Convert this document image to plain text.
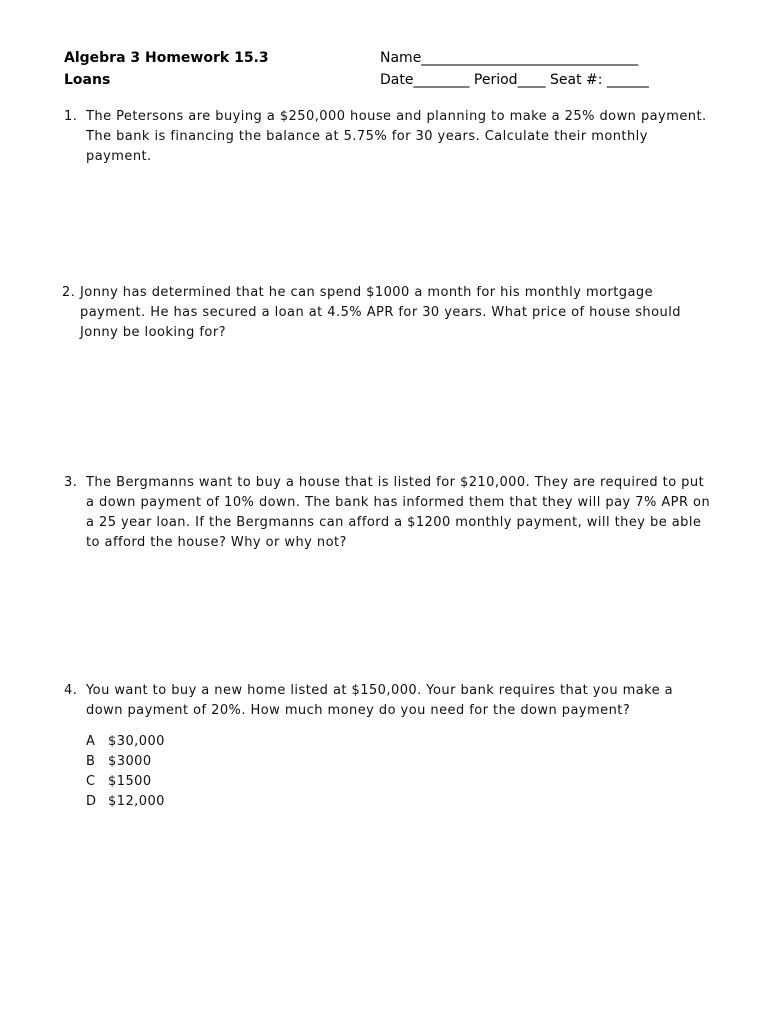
Algebra 3 Homework 15.3
Loans
Name_______________________________
Date________ Period____ Seat #: ______
1. The Petersons are buying a $250,000 house and planning to make a 25% down payment.
The bank is financing the balance at 5.75% for 30 years. Calculate their monthly
payment.
2. Jonny has determined that he can spend $1000 a month for his monthly mortgage
payment. He has secured a loan at 4.5% APR for 30 years. What price of house should
Jonny be looking for?
3. The Bergmanns want to buy a house that is listed for $210,000. They are required to put
a down payment of 10% down. The bank has informed them that they will pay 7% APR on
a 25 year loan. If the Bergmanns can afford a $1200 monthly payment, will they be able
to afford the house? Why or why not?
4. You want to buy a new home listed at $150,000. Your bank requires that you make a
down payment of 20%. How much money do you need for the down payment?
A $30,000
B $3000
C $1500
D $12,000
